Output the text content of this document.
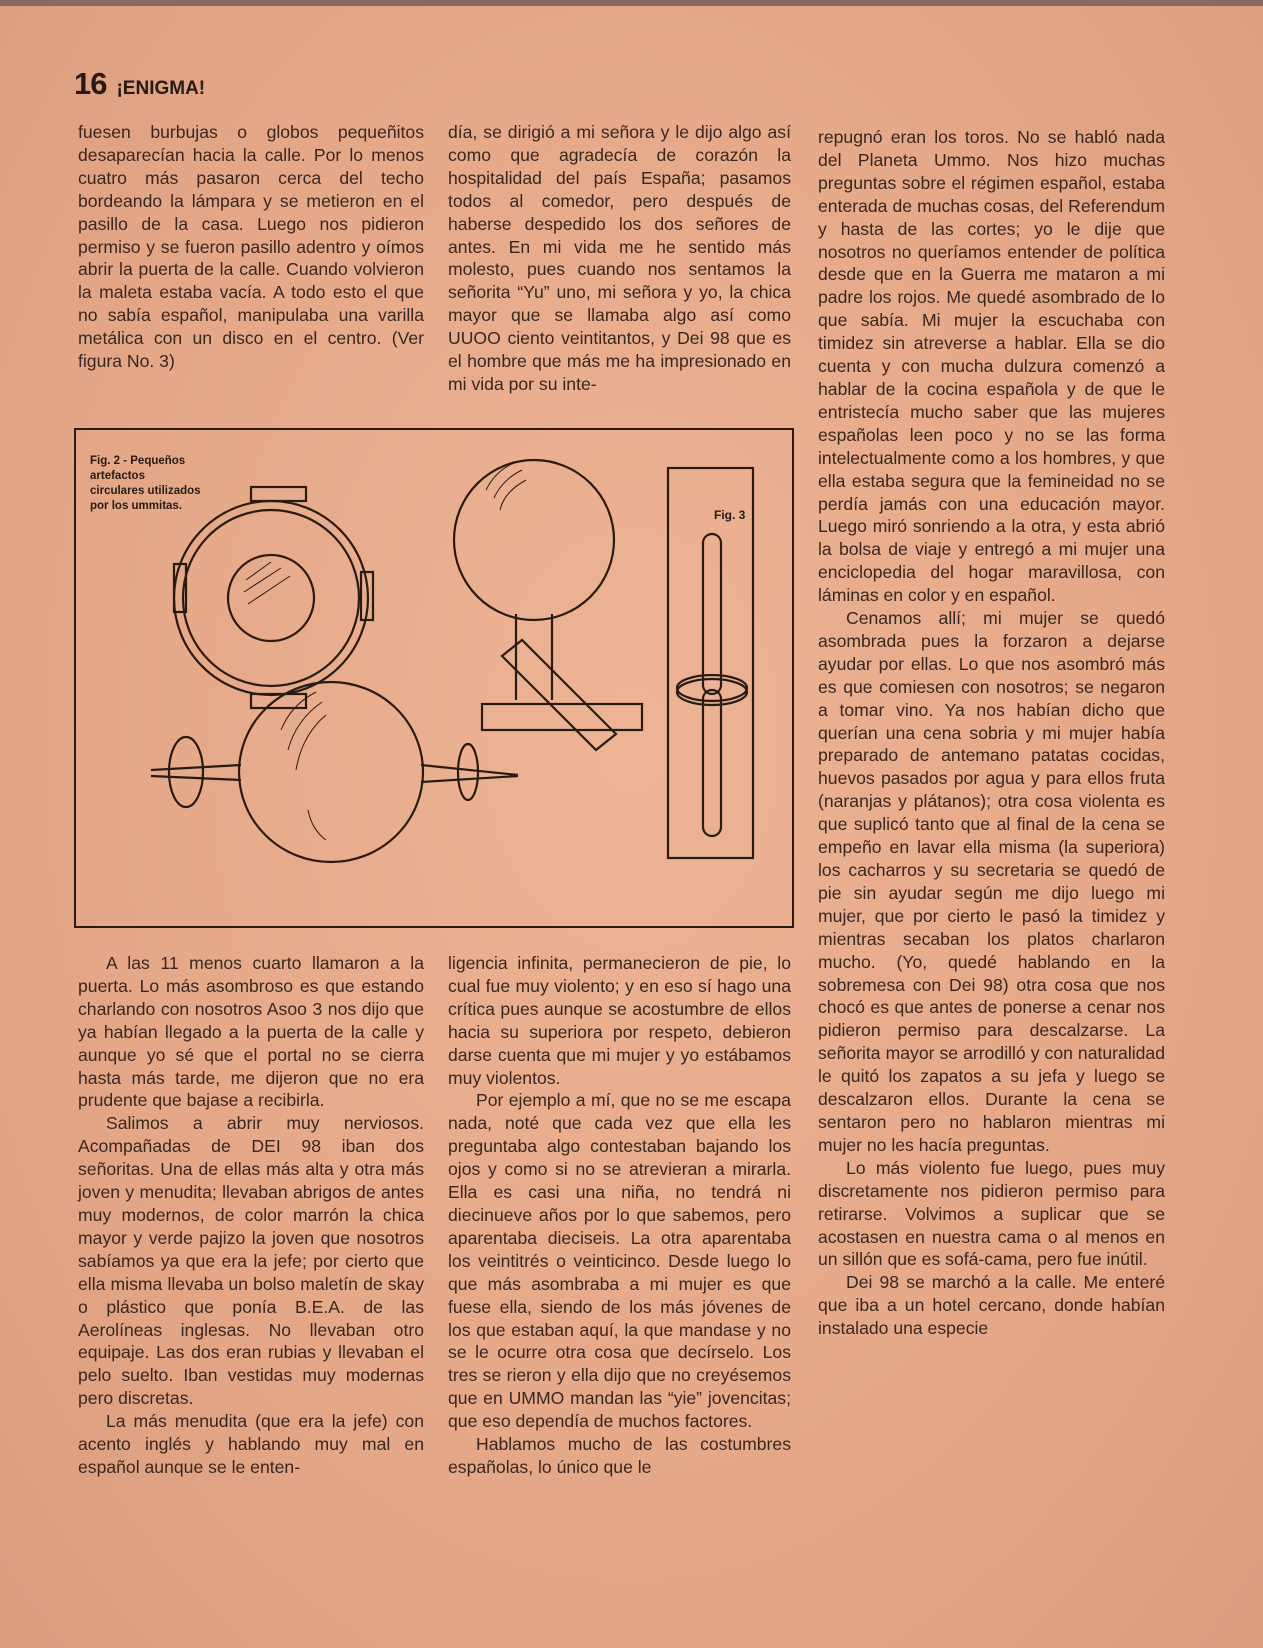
16 ¡ENIGMA!

fuesen burbujas o globos pequeñitos desaparecían hacia la calle. Por lo menos cuatro más pasaron cerca del techo bordeando la lámpara y se metieron en el pasillo de la casa. Luego nos pidieron permiso y se fueron pasillo adentro y oímos abrir la puerta de la calle. Cuando volvieron la maleta estaba vacía. A todo esto el que no sabía español, manipulaba una varilla metálica con un disco en el centro. (Ver figura No. 3)

día, se dirigió a mi señora y le dijo algo así como que agradecía de corazón la hospitalidad del país España; pasamos todos al comedor, pero después de haberse despedido los dos señores de antes. En mi vida me he sentido más molesto, pues cuando nos sentamos la señorita “Yu” uno, mi señora y yo, la chica mayor que se llamaba algo así como UUOO ciento veintitantos, y Dei 98 que es el hombre que más me ha impresionado en mi vida por su inte-

repugnó eran los toros. No se habló nada del Planeta Ummo. Nos hizo muchas preguntas sobre el régimen español, estaba enterada de muchas cosas, del Referendum y hasta de las cortes; yo le dije que nosotros no queríamos entender de política desde que en la Guerra me mataron a mi padre los rojos. Me quedé asombrado de lo que sabía. Mi mujer la escuchaba con timidez sin atreverse a hablar. Ella se dio cuenta y con mucha dulzura comenzó a hablar de la cocina española y de que le entristecía mucho saber que las mujeres españolas leen poco y no se las forma intelectualmente como a los hombres, y que ella estaba segura que la femineidad no se perdía jamás con una educación mayor. Luego miró sonriendo a la otra, y esta abrió la bolsa de viaje y entregó a mi mujer una enciclopedia del hogar maravillosa, con láminas en color y en español.

Cenamos allí; mi mujer se quedó asombrada pues la forzaron a dejarse ayudar por ellas. Lo que nos asombró más es que comiesen con nosotros; se negaron a tomar vino. Ya nos habían dicho que querían una cena sobria y mi mujer había preparado de antemano patatas cocidas, huevos pasados por agua y para ellos fruta (naranjas y plátanos); otra cosa violenta es que suplicó tanto que al final de la cena se empeño en lavar ella misma (la superiora) los cacharros y su secretaria se quedó de pie sin ayudar según me dijo luego mi mujer, que por cierto le pasó la timidez y mientras secaban los platos charlaron mucho. (Yo, quedé hablando en la sobremesa con Dei 98) otra cosa que nos chocó es que antes de ponerse a cenar nos pidieron permiso para descalzarse. La señorita mayor se arrodilló y con naturalidad le quitó los zapatos a su jefa y luego se descalzaron ellos. Durante la cena se sentaron pero no hablaron mientras mi mujer no les hacía preguntas.

Lo más violento fue luego, pues muy discretamente nos pidieron permiso para retirarse. Volvimos a suplicar que se acostasen en nuestra cama o al menos en un sillón que es sofá-cama, pero fue inútil.

Dei 98 se marchó a la calle. Me enteré que iba a un hotel cercano, donde habían instalado una especie

Fig. 2 - Pequeños artefactos circulares utilizados por los ummitas.
Fig. 3

A las 11 menos cuarto llamaron a la puerta. Lo más asombroso es que estando charlando con nosotros Asoo 3 nos dijo que ya habían llegado a la puerta de la calle y aunque yo sé que el portal no se cierra hasta más tarde, me dijeron que no era prudente que bajase a recibirla.

Salimos a abrir muy nerviosos. Acompañadas de DEI 98 iban dos señoritas. Una de ellas más alta y otra más joven y menudita; llevaban abrigos de antes muy modernos, de color marrón la chica mayor y verde pajizo la joven que nosotros sabíamos ya que era la jefe; por cierto que ella misma llevaba un bolso maletín de skay o plástico que ponía B.E.A. de las Aerolíneas inglesas. No llevaban otro equipaje. Las dos eran rubias y llevaban el pelo suelto. Iban vestidas muy modernas pero discretas.

La más menudita (que era la jefe) con acento inglés y hablando muy mal en español aunque se le enten-

ligencia infinita, permanecieron de pie, lo cual fue muy violento; y en eso sí hago una crítica pues aunque se acostumbre de ellos hacia su superiora por respeto, debieron darse cuenta que mi mujer y yo estábamos muy violentos.

Por ejemplo a mí, que no se me escapa nada, noté que cada vez que ella les preguntaba algo contestaban bajando los ojos y como si no se atrevieran a mirarla. Ella es casi una niña, no tendrá ni diecinueve años por lo que sabemos, pero aparentaba dieciseis. La otra aparentaba los veintitrés o veinticinco. Desde luego lo que más asombraba a mi mujer es que fuese ella, siendo de los más jóvenes de los que estaban aquí, la que mandase y no se le ocurre otra cosa que decírselo. Los tres se rieron y ella dijo que no creyésemos que en UMMO mandan las “yie” jovencitas; que eso dependía de muchos factores.

Hablamos mucho de las costumbres españolas, lo único que le
